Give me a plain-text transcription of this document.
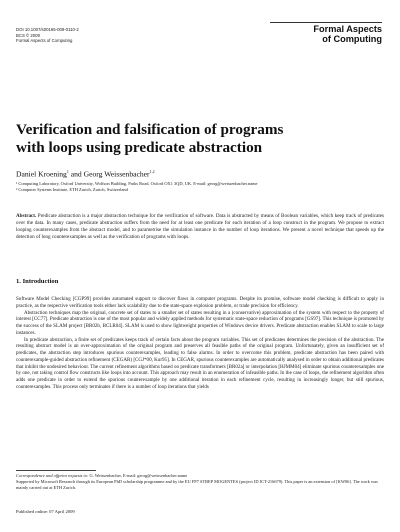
DOI 10.1007/s00165-009-0110-2
BCS © 2009
Formal Aspects of Computing
Formal Aspects
of Computing
Verification and falsification of programs
with loops using predicate abstraction
Daniel Kroening$^1$ and Georg Weissenbacher$^{1,2}$
¹ Computing Laboratory, Oxford University, Wolfson Building, Parks Road, Oxford OX1 3QD, UK. E-mail: georg@weissenbacher.name
² Computer Systems Institute, ETH Zurich, Zurich, Switzerland
Abstract. Predicate abstraction is a major abstraction technique for the verification of software. Data is abstracted by means of Boolean variables, which keep track of predicates over the data. In many cases, predicate abstraction suffers from the need for at least one predicate for each iteration of a loop construct in the program. We propose to extract looping counterexamples from the abstract model, and to parametrise the simulation instance in the number of loop iterations. We present a novel technique that speeds up the detection of long counterexamples as well as the verification of programs with loops.
1. Introduction

Software Model Checking [CGP99] provides automated support to discover flaws in computer programs. Despite its promise, software model checking is difficult to apply in practice, as the respective verification tools either lack scalability due to the state-space explosion problem, or trade precision for efficiency.

Abstraction techniques map the original, concrete set of states to a smaller set of states resulting in a (conservative) approximation of the system with respect to the property of interest [CC77]. Predicate abstraction is one of the most popular and widely applied methods for systematic state-space reduction of programs [GS97]. This technique is promoted by the success of the SLAM project [BR02b, BCLR04]. SLAM is used to show lightweight properties of Windows device drivers. Predicate abstraction enables SLAM to scale to large instances.

In predicate abstraction, a finite set of predicates keeps track of certain facts about the program variables. This set of predicates determines the precision of the abstraction. The resulting abstract model is an over-approximation of the original program and preserves all feasible paths of the original program. Unfortunately, given an insufficient set of predicates, the abstraction step introduces spurious counterexamples, leading to false alarms. In order to overcome this problem, predicate abstraction has been paired with counterexample-guided abstraction refinement (CEGAR) [CGJ*00, Kur95]. In CEGAR, spurious counterexamples are automatically analysed in order to obtain additional predicates that inhibit the undesired behaviour. The current refinement algorithms based on predicate transformers [BR02a] or interpolation [HJMM04] eliminate spurious counterexamples one by one, not taking control flow constructs like loops into account. This approach may result in an enumeration of infeasible paths. In the case of loops, the refinement algorithm often adds one predicate in order to extend the spurious counterexample by one additional iteration in each refinement cycle, resulting in increasingly longer, but still spurious, counterexamples. This process only terminates if there is a number of loop iterations that yields

Correspondence and offprint requests to: G. Weissenbacher, E-mail: georg@weissenbacher.name
Supported by Microsoft Research through its European PhD scholarship programme and by the EU FP7 STREP MOGENTES (project ID ICT-216679). This paper is an extension of [KW06]. The work was mainly carried out at ETH Zurich.
Published online: 07 April 2009
